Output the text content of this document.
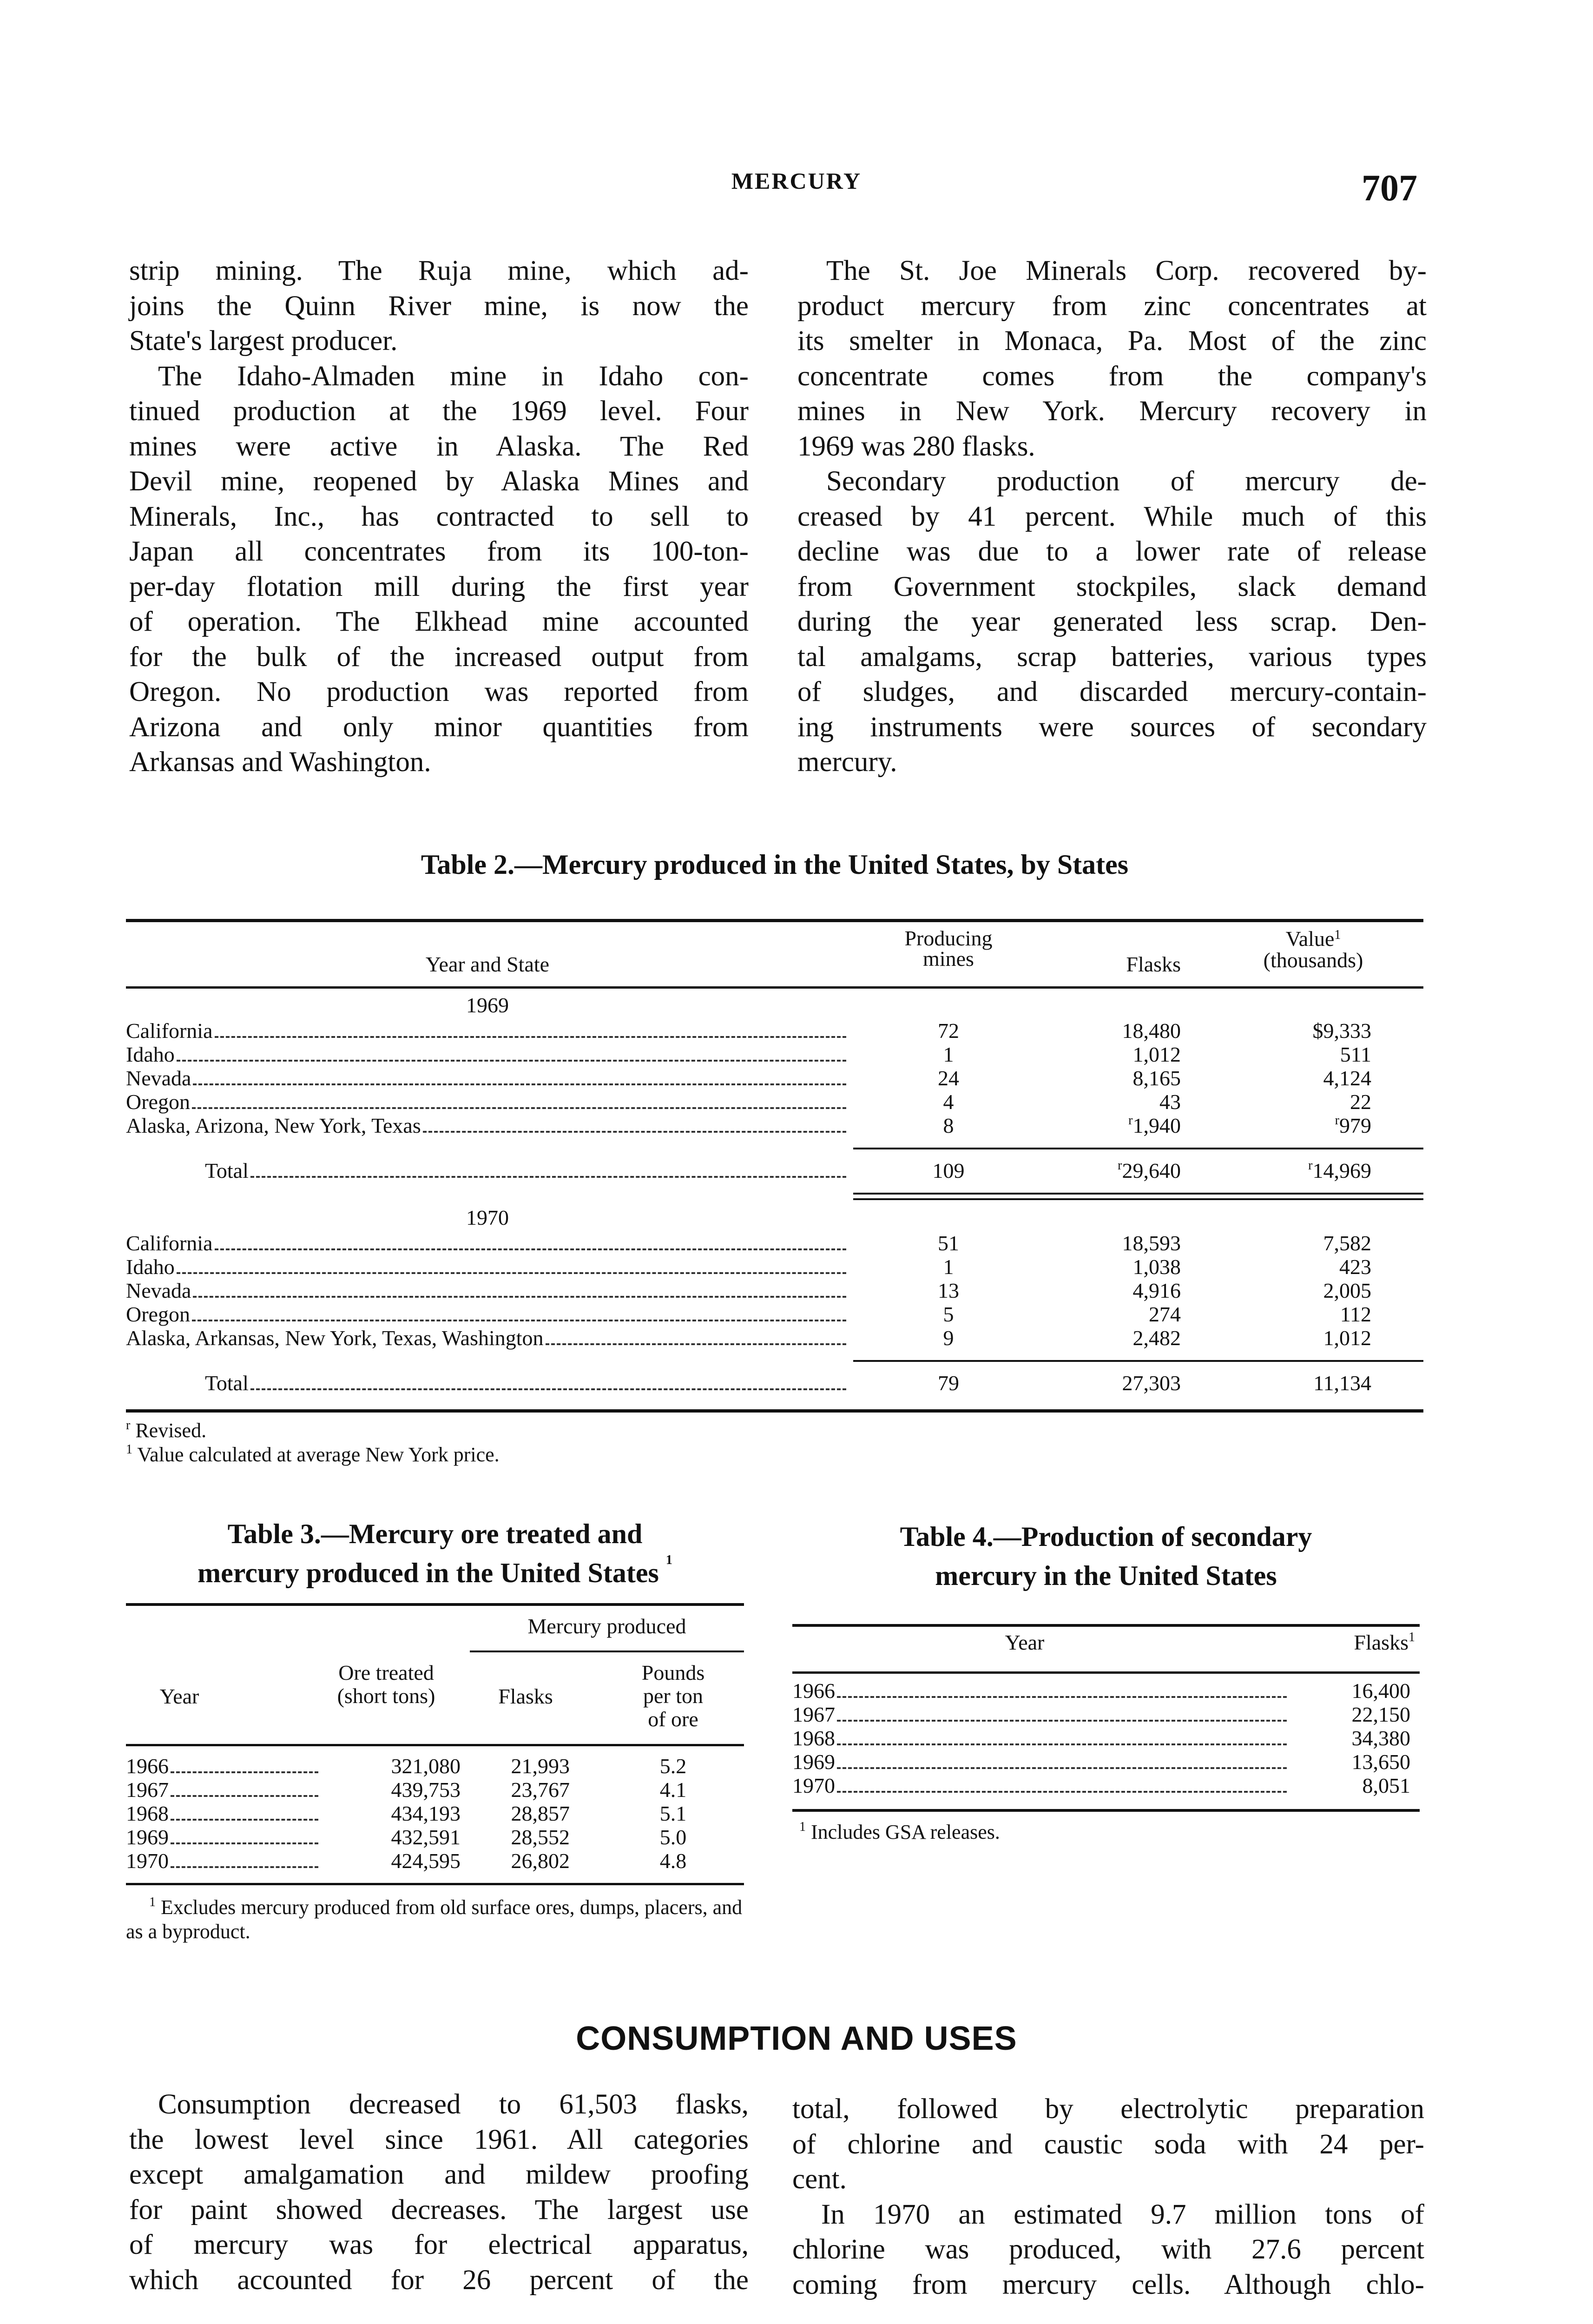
MERCURY	707
strip mining. The Ruja mine, which ad-
joins the Quinn River mine, is now the
State's largest producer.
The Idaho-Almaden mine in Idaho con-
tinued production at the 1969 level. Four
mines were active in Alaska. The Red
Devil mine, reopened by Alaska Mines and
Minerals, Inc., has contracted to sell to
Japan all concentrates from its 100-ton-
per-day flotation mill during the first year
of operation. The Elkhead mine accounted
for the bulk of the increased output from
Oregon. No production was reported from
Arizona and only minor quantities from
Arkansas and Washington.
The St. Joe Minerals Corp. recovered by-
product mercury from zinc concentrates at
its smelter in Monaca, Pa. Most of the zinc
concentrate comes from the company's
mines in New York. Mercury recovery in
1969 was 280 flasks.
Secondary production of mercury de-
creased by 41 percent. While much of this
decline was due to a lower rate of release
from Government stockpiles, slack demand
during the year generated less scrap. Den-
tal amalgams, scrap batteries, various types
of sludges, and discarded mercury-contain-
ing instruments were sources of secondary
mercury.
Table 2.—Mercury produced in the United States, by States
Year and State
Producing mines	Flasks
Value$^1$
(thousands)
1969
California	72	18,480	$9,333
Idaho	1	1,012	511
Nevada	24	8,165	4,124
Oregon	4	43	22
Alaska, Arizona, New York, Texas	8	$^r$1,940	$^r$979
Total	109	$^r$29,640	$^r$14,969
1970
California	51	18,593	7,582
Idaho	1	1,038	423
Nevada	13	4,916	2,005
Oregon	5	274	112
Alaska, Arkansas, New York, Texas, Washington	9	2,482	1,012
Total	79	27,303	11,134
$^r$ Revised.
$^1$ Value calculated at average New York price.
Table 3.—Mercury ore treated and
mercury produced in the United States $^1$
Mercury produced
Year
Ore treated (short tons)	Flasks
Pounds per ton of ore
1966	321,080	21,993	5.2
1967	439,753	23,767	4.1
1968	434,193	28,857	5.1
1969	432,591	28,552	5.0
1970	424,595	26,802	4.8
$^1$ Excludes mercury produced from old surface ores, dumps, placers, and as a byproduct.
Table 4.—Production of secondary
mercury in the United States
Year	Flasks$^1$
1966	16,400
1967	22,150
1968	34,380
1969	13,650
1970	8,051
$^1$ Includes GSA releases.
CONSUMPTION AND USES
Consumption decreased to 61,503 flasks,
the lowest level since 1961. All categories
except amalgamation and mildew proofing
for paint showed decreases. The largest use
of mercury was for electrical apparatus,
which accounted for 26 percent of the
total, followed by electrolytic preparation
of chlorine and caustic soda with 24 per-
cent.
In 1970 an estimated 9.7 million tons of
chlorine was produced, with 27.6 percent
coming from mercury cells. Although chlo-
